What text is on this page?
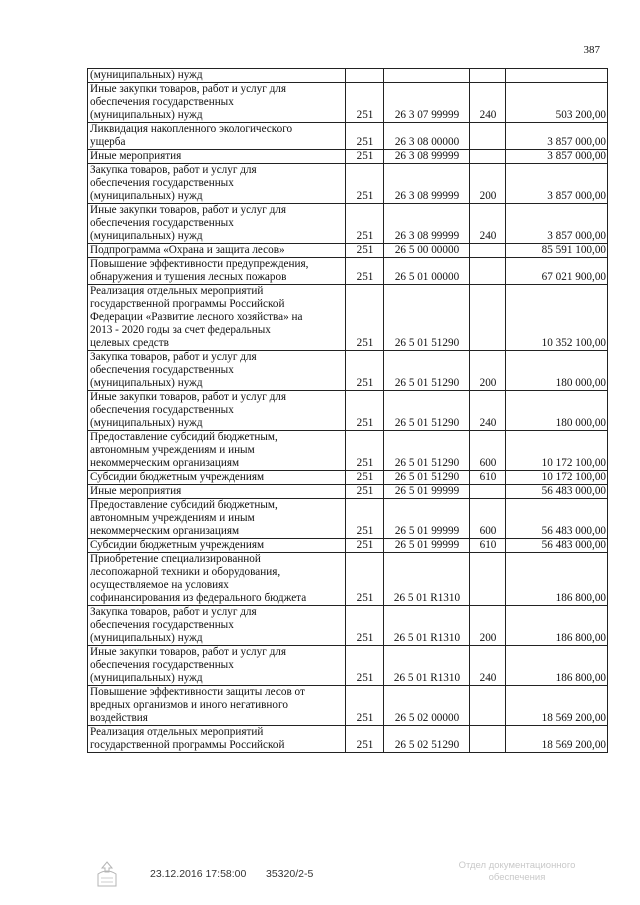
387
(муниципальных) нужд				
Иные закупки товаров, работ и услуг для
обеспечения государственных
(муниципальных) нужд	251	26 3 07 99999	240	503 200,00
Ликвидация накопленного экологического
ущерба	251	26 3 08 00000		3 857 000,00
Иные мероприятия	251	26 3 08 99999		3 857 000,00
Закупка товаров, работ и услуг для
обеспечения государственных
(муниципальных) нужд	251	26 3 08 99999	200	3 857 000,00
Иные закупки товаров, работ и услуг для
обеспечения государственных
(муниципальных) нужд	251	26 3 08 99999	240	3 857 000,00
Подпрограмма «Охрана и защита лесов»	251	26 5 00 00000		85 591 100,00
Повышение эффективности предупреждения,
обнаружения и тушения лесных пожаров	251	26 5 01 00000		67 021 900,00
Реализация отдельных мероприятий
государственной программы Российской
Федерации «Развитие лесного хозяйства» на
2013 - 2020 годы за счет федеральных
целевых средств	251	26 5 01 51290		10 352 100,00
Закупка товаров, работ и услуг для
обеспечения государственных
(муниципальных) нужд	251	26 5 01 51290	200	180 000,00
Иные закупки товаров, работ и услуг для
обеспечения государственных
(муниципальных) нужд	251	26 5 01 51290	240	180 000,00
Предоставление субсидий бюджетным,
автономным учреждениям и иным
некоммерческим организациям	251	26 5 01 51290	600	10 172 100,00
Субсидии бюджетным учреждениям	251	26 5 01 51290	610	10 172 100,00
Иные мероприятия	251	26 5 01 99999		56 483 000,00
Предоставление субсидий бюджетным,
автономным учреждениям и иным
некоммерческим организациям	251	26 5 01 99999	600	56 483 000,00
Субсидии бюджетным учреждениям	251	26 5 01 99999	610	56 483 000,00
Приобретение специализированной
лесопожарной техники и оборудования,
осуществляемое на условиях
софинансирования из федерального бюджета	251	26 5 01 R1310		186 800,00
Закупка товаров, работ и услуг для
обеспечения государственных
(муниципальных) нужд	251	26 5 01 R1310	200	186 800,00
Иные закупки товаров, работ и услуг для
обеспечения государственных
(муниципальных) нужд	251	26 5 01 R1310	240	186 800,00
Повышение эффективности защиты лесов от
вредных организмов и иного негативного
воздействия	251	26 5 02 00000		18 569 200,00
Реализация отдельных мероприятий
государственной программы Российской	251	26 5 02 51290		18 569 200,00
23.12.2016 17:58:00 35320/2-5
Отдел документационного
обеспечения
